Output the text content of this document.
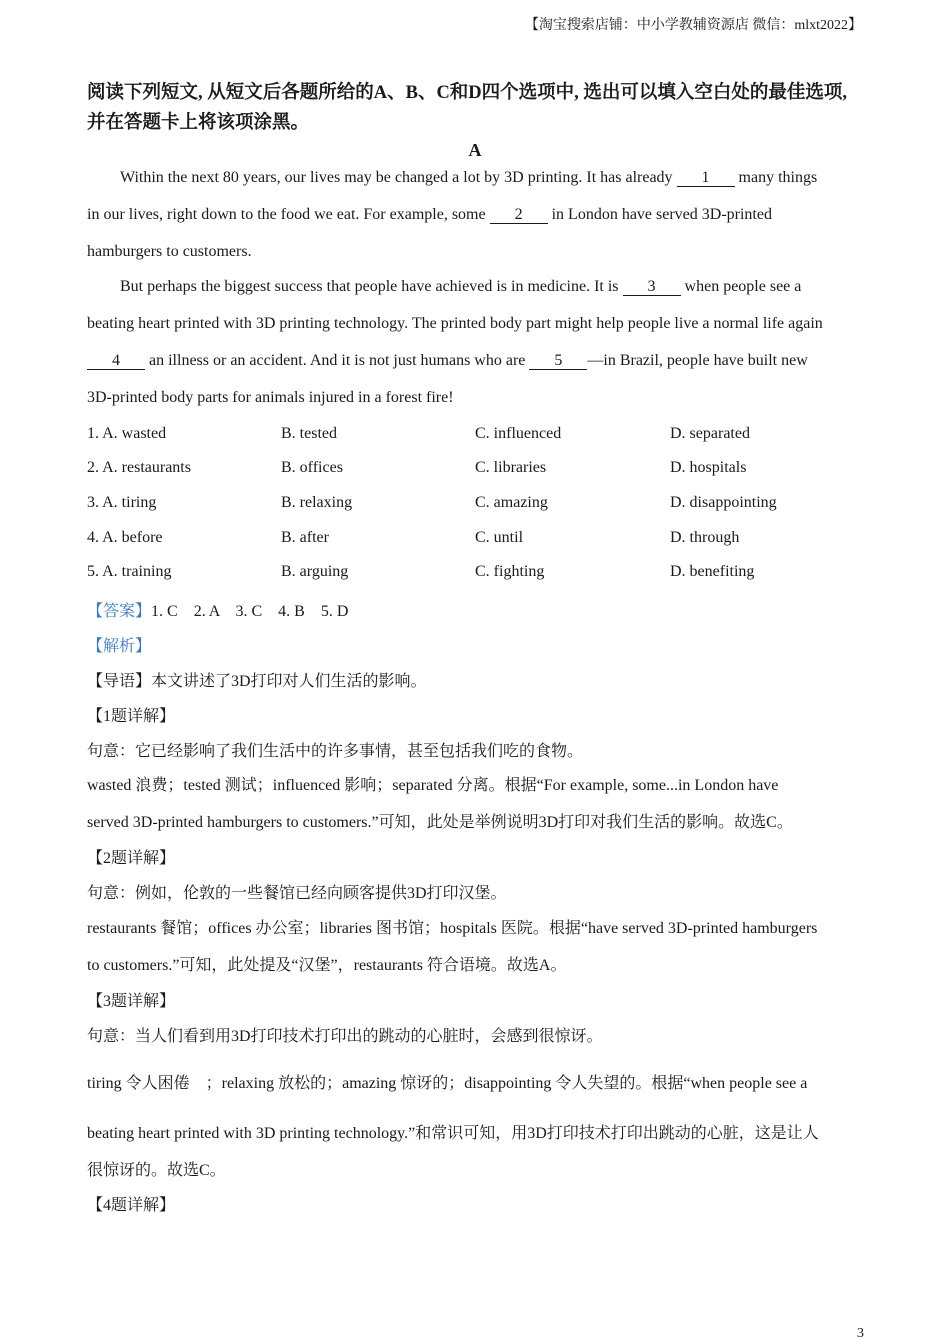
【淘宝搜索店铺：中小学教辅资源店 微信：mlxt2022】
阅读下列短文, 从短文后各题所给的A、B、C和D四个选项中, 选出可以填入空白处的最佳选项, 并在答题卡上将该项涂黑。
A
Within the next 80 years, our lives may be changed a lot by 3D printing. It has already 1 many things
in our lives, right down to the food we eat. For example, some 2 in London have served 3D-printed
hamburgers to customers.
But perhaps the biggest success that people have achieved is in medicine. It is 3 when people see a
beating heart printed with 3D printing technology. The printed body part might help people live a normal life again
4 an illness or an accident. And it is not just humans who are 5 —in Brazil, people have built new
3D-printed body parts for animals injured in a forest fire!
1. A. wasted	B. tested	C. influenced	D. separated
2. A. restaurants	B. offices	C. libraries	D. hospitals
3. A. tiring	B. relaxing	C. amazing	D. disappointing
4. A. before	B. after	C. until	D. through
5. A. training	B. arguing	C. fighting	D. benefiting
【答案】1. C    2. A    3. C    4. B    5. D
【解析】
【导语】本文讲述了3D打印对人们生活的影响。
【1题详解】
句意：它已经影响了我们生活中的许多事情，甚至包括我们吃的食物。
wasted 浪费；tested 测试；influenced 影响；separated 分离。根据“For example, some...in London have
served 3D-printed hamburgers to customers.”可知，此处是举例说明3D打印对我们生活的影响。故选C。
【2题详解】
句意：例如，伦敦的一些餐馆已经向顾客提供3D打印汉堡。
restaurants 餐馆；offices 办公室；libraries 图书馆；hospitals 医院。根据“have served 3D-printed hamburgers
to customers.”可知，此处提及“汉堡”，restaurants 符合语境。故选A。
【3题详解】
句意：当人们看到用3D打印技术打印出的跳动的心脏时，会感到很惊讶。
tiring 令人困倦    ；relaxing 放松的；amazing 惊讶的；disappointing 令人失望的。根据“when people see a
beating heart printed with 3D printing technology.”和常识可知，用3D打印技术打印出跳动的心脏，这是让人
很惊讶的。故选C。
【4题详解】
3
